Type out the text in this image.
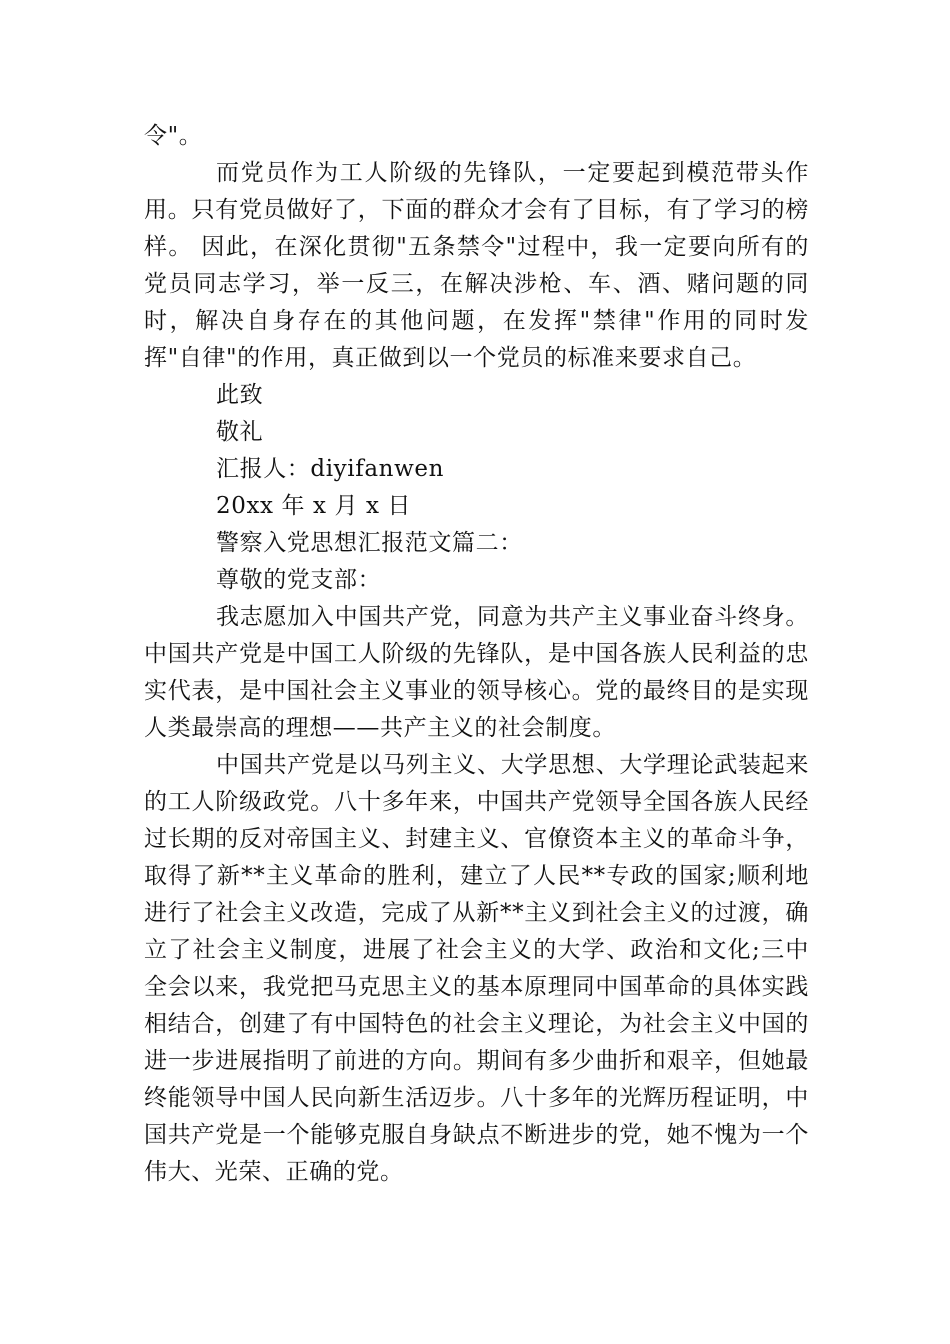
令"。

而党员作为工人阶级的先锋队，一定要起到模范带头作用。只有党员做好了，下面的群众才会有了目标，有了学习的榜样。 因此，在深化贯彻"五条禁令"过程中，我一定要向所有的党员同志学习，举一反三，在解决涉枪、车、酒、赌问题的同时，解决自身存在的其他问题，在发挥"禁律"作用的同时发挥"自律"的作用，真正做到以一个党员的标准来要求自己。

此致

敬礼

汇报人：diyifanwen

20xx 年 x 月 x 日

警察入党思想汇报范文篇二：

尊敬的党支部：

我志愿加入中国共产党，同意为共产主义事业奋斗终身。中国共产党是中国工人阶级的先锋队，是中国各族人民利益的忠实代表，是中国社会主义事业的领导核心。党的最终目的是实现人类最崇高的理想——共产主义的社会制度。

中国共产党是以马列主义、大学思想、大学理论武装起来的工人阶级政党。八十多年来，中国共产党领导全国各族人民经过长期的反对帝国主义、封建主义、官僚资本主义的革命斗争，取得了新**主义革命的胜利，建立了人民**专政的国家;顺利地进行了社会主义改造，完成了从新**主义到社会主义的过渡，确立了社会主义制度，进展了社会主义的大学、政治和文化;三中全会以来，我党把马克思主义的基本原理同中国革命的具体实践相结合，创建了有中国特色的社会主义理论，为社会主义中国的进一步进展指明了前进的方向。期间有多少曲折和艰辛，但她最终能领导中国人民向新生活迈步。八十多年的光辉历程证明，中国共产党是一个能够克服自身缺点不断进步的党，她不愧为一个伟大、光荣、正确的党。
